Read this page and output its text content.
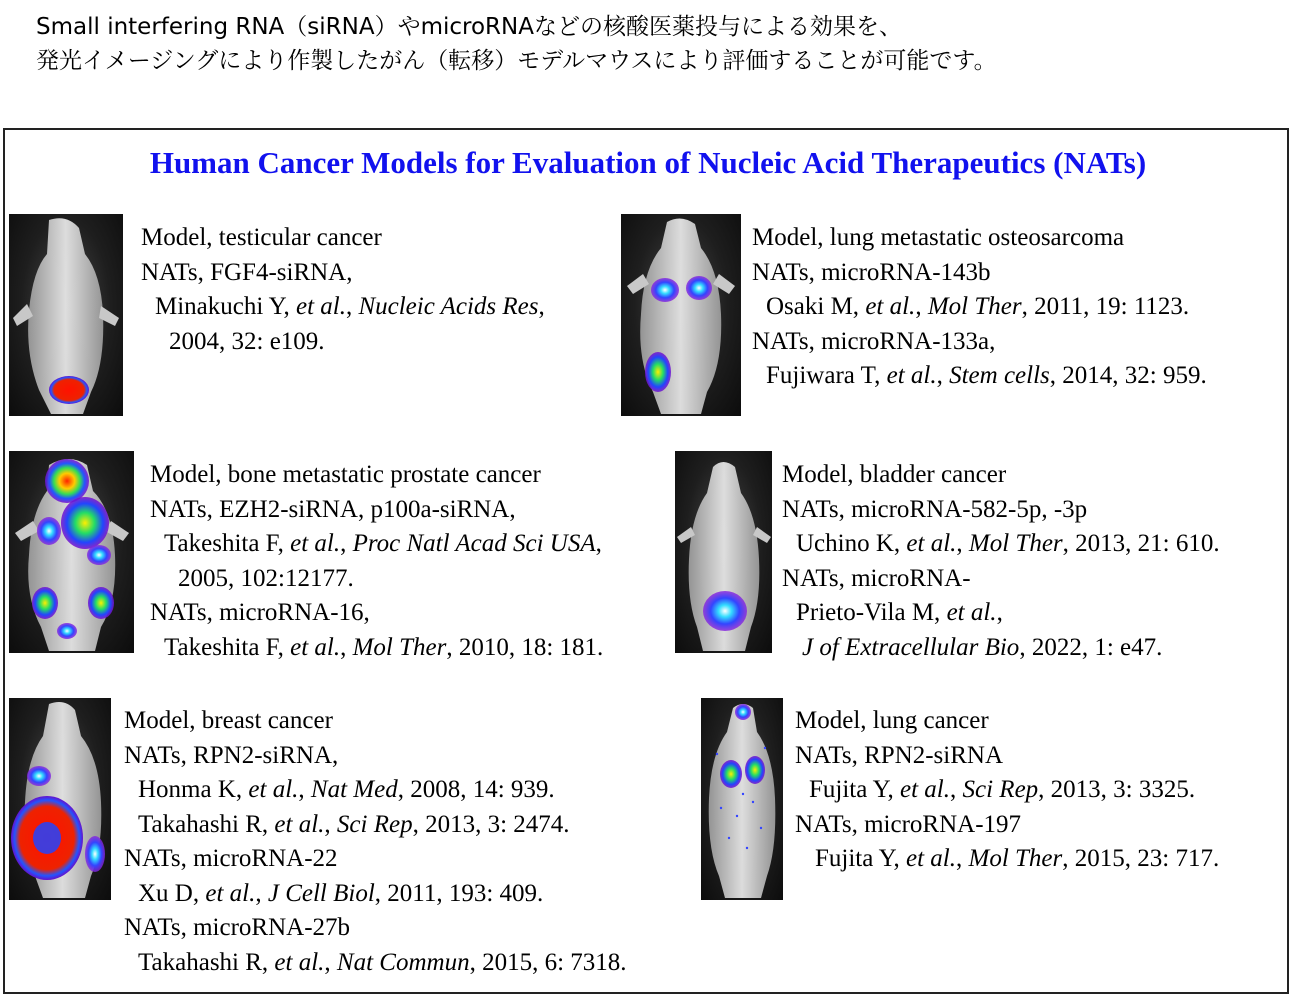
Small interfering RNA（siRNA）やmicroRNAなどの核酸医薬投与による効果を、
発光イメージングにより作製したがん（転移）モデルマウスにより評価することが可能です。
Human Cancer Models for Evaluation of Nucleic Acid Therapeutics (NATs)
Model, testicular cancer
NATs, FGF4-siRNA,
Minakuchi Y, et al., Nucleic Acids Res,
2004, 32: e109.
Model, lung metastatic osteosarcoma
NATs, microRNA-143b
Osaki M, et al., Mol Ther, 2011, 19: 1123.
NATs, microRNA-133a,
Fujiwara T, et al., Stem cells, 2014, 32: 959.
Model, bone metastatic prostate cancer
NATs, EZH2-siRNA, p100a-siRNA,
Takeshita F, et al., Proc Natl Acad Sci USA,
2005, 102:12177.
NATs, microRNA-16,
Takeshita F, et al., Mol Ther, 2010, 18: 181.
Model, bladder cancer
NATs, microRNA-582-5p, -3p
Uchino K, et al., Mol Ther, 2013, 21: 610.
NATs, microRNA-
Prieto-Vila M, et al.,
J of Extracellular Bio, 2022, 1: e47.
Model, breast cancer
NATs, RPN2-siRNA,
Honma K, et al., Nat Med, 2008, 14: 939.
Takahashi R, et al., Sci Rep, 2013, 3: 2474.
NATs, microRNA-22
Xu D, et al., J Cell Biol, 2011, 193: 409.
NATs, microRNA-27b
Takahashi R, et al., Nat Commun, 2015, 6: 7318.
Model, lung cancer
NATs, RPN2-siRNA
Fujita Y, et al., Sci Rep, 2013, 3: 3325.
NATs, microRNA-197
Fujita Y, et al., Mol Ther, 2015, 23: 717.
